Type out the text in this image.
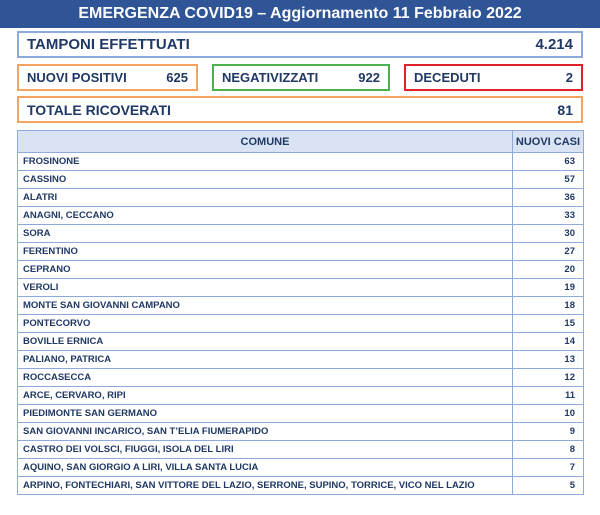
EMERGENZA COVID19 – Aggiornamento 11 Febbraio 2022
TAMPONI EFFETTUATI	4.214
NUOVI POSITIVI	625	NEGATIVIZZATI	922	DECEDUTI	2
TOTALE RICOVERATI	81
COMUNE	NUOVI CASI
FROSINONE	63
CASSINO	57
ALATRI	36
ANAGNI, CECCANO	33
SORA	30
FERENTINO	27
CEPRANO	20
VEROLI	19
MONTE SAN GIOVANNI CAMPANO	18
PONTECORVO	15
BOVILLE ERNICA	14
PALIANO, PATRICA	13
ROCCASECCA	12
ARCE, CERVARO, RIPI	11
PIEDIMONTE SAN GERMANO	10
SAN GIOVANNI INCARICO, SAN T’ELIA FIUMERAPIDO	9
CASTRO DEI VOLSCI, FIUGGI, ISOLA DEL LIRI	8
AQUINO, SAN GIORGIO A LIRI, VILLA SANTA LUCIA	7
ARPINO, FONTECHIARI, SAN VITTORE DEL LAZIO, SERRONE, SUPINO, TORRICE, VICO NEL LAZIO	5
